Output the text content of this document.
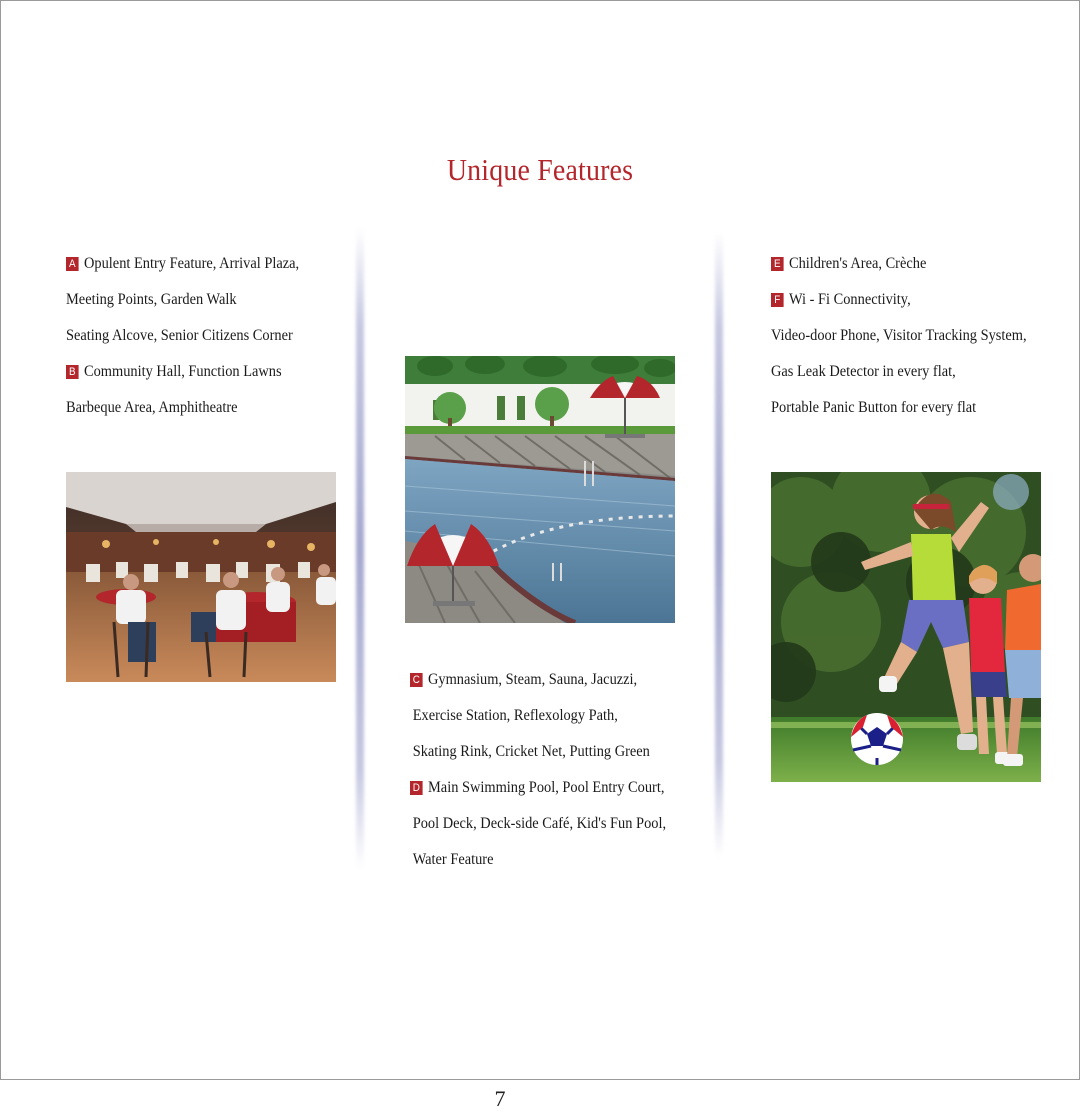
Unique Features
A Opulent Entry Feature, Arrival Plaza,
Meeting Points, Garden Walk
Seating Alcove, Senior Citizens Corner
B Community Hall, Function Lawns
Barbeque Area, Amphitheatre
C Gymnasium, Steam, Sauna, Jacuzzi,
Exercise Station, Reflexology Path,
Skating Rink, Cricket Net, Putting Green
D Main Swimming Pool, Pool Entry Court,
Pool Deck, Deck-side Café, Kid's Fun Pool,
Water Feature
E Children's Area, Crèche
F Wi - Fi Connectivity,
Video-door Phone, Visitor Tracking System,
Gas Leak Detector in every flat,
Portable Panic Button for every flat
7
